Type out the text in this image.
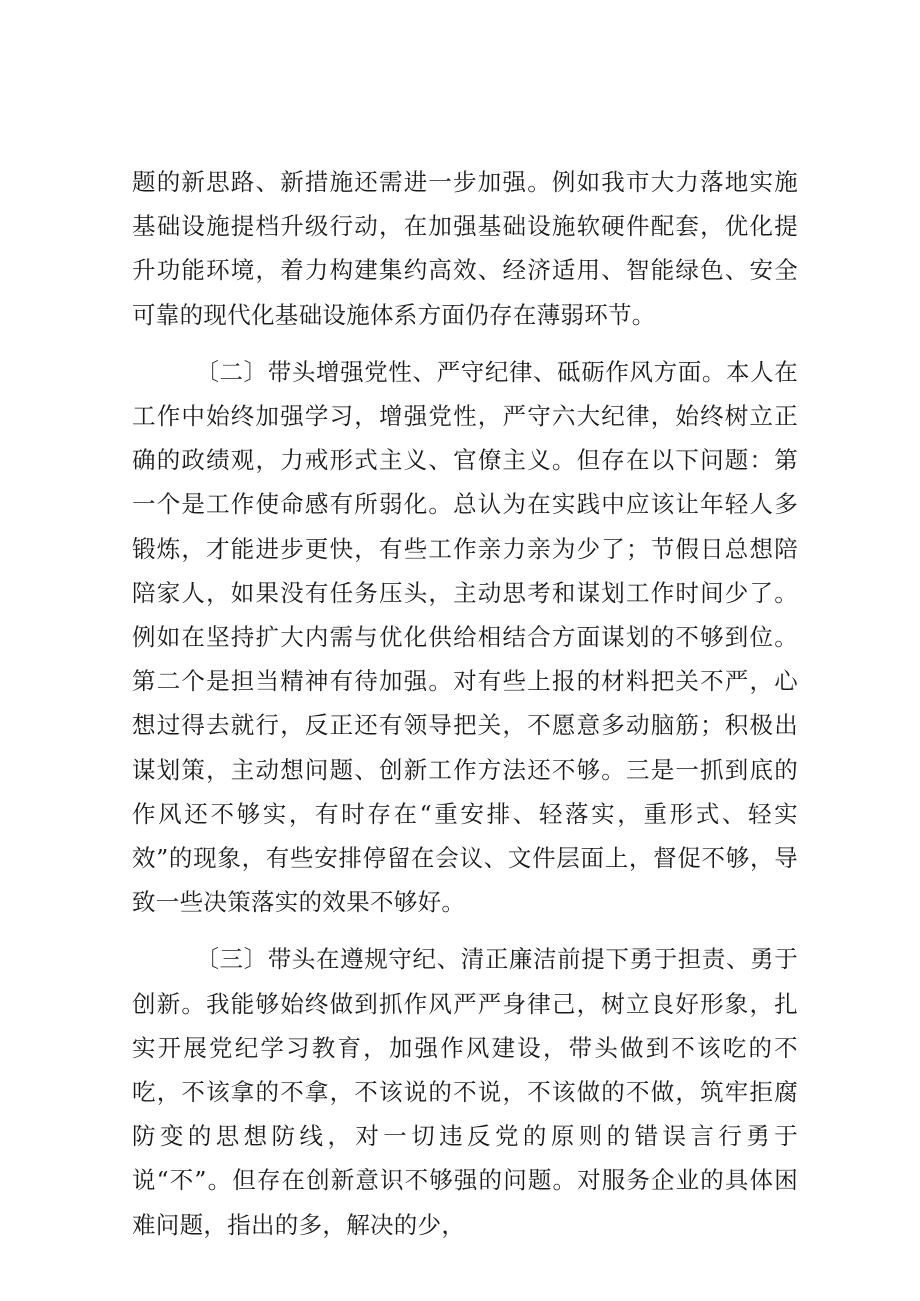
题的新思路、新措施还需进一步加强。例如我市大力落地实施基础设施提档升级行动，在加强基础设施软硬件配套，优化提升功能环境，着力构建集约高效、经济适用、智能绿色、安全可靠的现代化基础设施体系方面仍存在薄弱环节。

〔二〕带头增强党性、严守纪律、砥砺作风方面。本人在工作中始终加强学习，增强党性，严守六大纪律，始终树立正确的政绩观，力戒形式主义、官僚主义。但存在以下问题：第一个是工作使命感有所弱化。总认为在实践中应该让年轻人多锻炼，才能进步更快，有些工作亲力亲为少了；节假日总想陪陪家人，如果没有任务压头，主动思考和谋划工作时间少了。例如在坚持扩大内需与优化供给相结合方面谋划的不够到位。第二个是担当精神有待加强。对有些上报的材料把关不严，心想过得去就行，反正还有领导把关，不愿意多动脑筋；积极出谋划策，主动想问题、创新工作方法还不够。三是一抓到底的作风还不够实，有时存在“重安排、轻落实，重形式、轻实效”的现象，有些安排停留在会议、文件层面上，督促不够，导致一些决策落实的效果不够好。

〔三〕带头在遵规守纪、清正廉洁前提下勇于担责、勇于创新。我能够始终做到抓作风严严身律己，树立良好形象，扎实开展党纪学习教育，加强作风建设，带头做到不该吃的不吃，不该拿的不拿，不该说的不说，不该做的不做，筑牢拒腐防变的思想防线，对一切违反党的原则的错误言行勇于说“不”。但存在创新意识不够强的问题。对服务企业的具体困难问题，指出的多，解决的少，
